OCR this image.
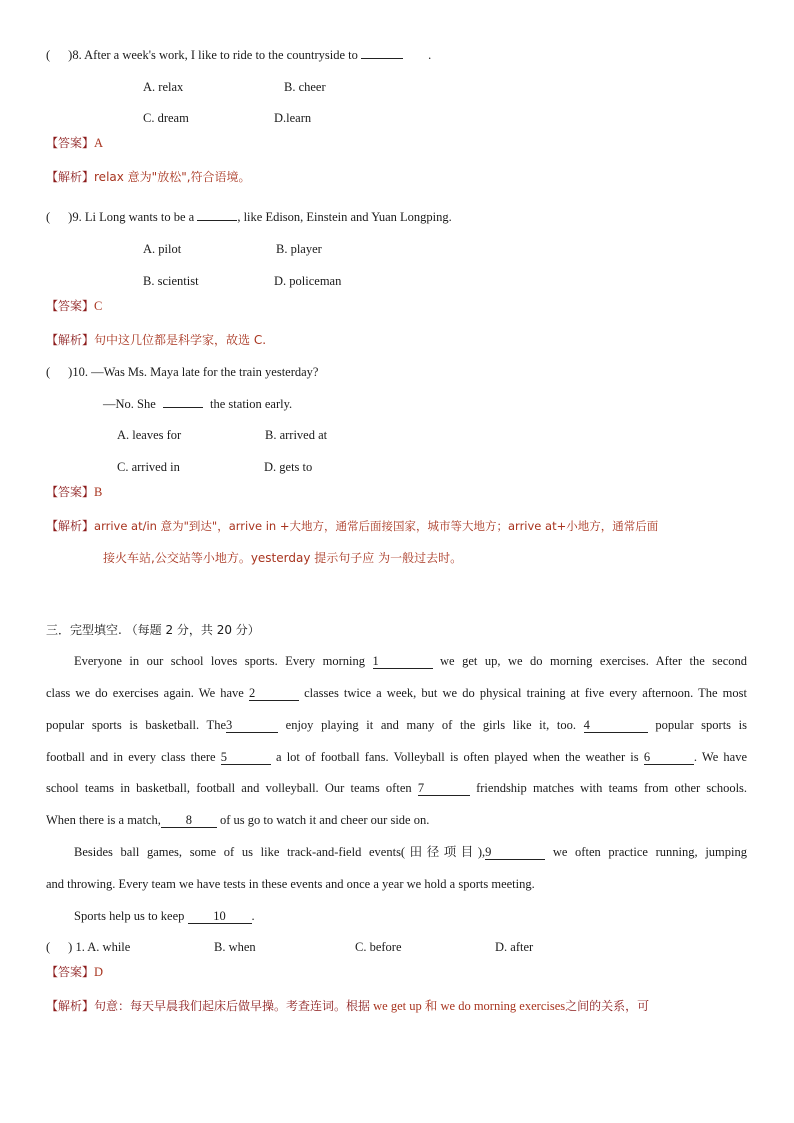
( )8. After a week's work, I like to ride to the countryside to	.
A. relax	B. cheer
C. dream	D.learn
【答案】A
【解析】relax 意为"放松",符合语境。
( )9. Li Long wants to be a	, like Edison, Einstein and Yuan Longping.
A. pilot	B. player
B. scientist	D. policeman
【答案】C
【解析】句中这几位都是科学家，故选 C.
( )10. —Was Ms. Maya late for the train yesterday?
—No. She	the station early.
A. leaves for	B. arrived at
C. arrived in	D. gets to
【答案】B
【解析】arrive at/in 意为"到达"，arrive in +大地方，通常后面接国家，城市等大地方；arrive at+小地方，通常后面
接火车站,公交站等小地方。yesterday 提示句子应 为一般过去时。
三．完型填空. （每题 2 分，共 20 分）
Everyone in our school loves sports. Every morning 1	we get up, we do morning exercises. After the second
class we do exercises again. We have 2	classes twice a week, but we do physical training at five every afternoon. The most
popular sports is basketball. The3	enjoy playing it and many of the girls like it, too. 4	popular sports is
football and in every class there 5	a lot of football fans. Volleyball is often played when the weather is 6	. We have
school teams in basketball, football and volleyball. Our teams often 7	friendship matches with teams from other schools.
When there is a match, 8 of us go to watch it and cheer our side on.
Besides ball games, some of us like track-and-field events(田径项目),9	we often practice running, jumping
and throwing. Every team we have tests in these events and once a year we hold a sports meeting.
Sports help us to keep 10 .
( ) 1. A. while	B. when	C. before	D. after
【答案】D
【解析】句意：每天早晨我们起床后做早操。考查连词。根据 we get up 和 we do morning exercises之间的关系，可
